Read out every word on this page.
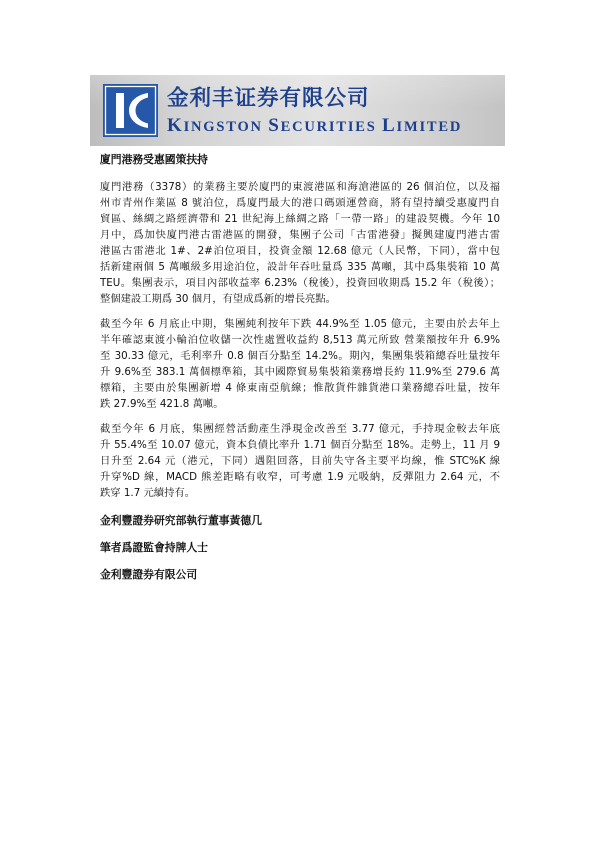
金利丰证券有限公司
KINGSTON SECURITIES LIMITED
廈門港務受惠國策扶持
廈門港務（3378）的業務主要於廈門的東渡港區和海滄港區的 26 個泊位，以及福
州市青州作業區 8 號泊位，爲廈門最大的港口碼頭運營商，將有望持續受惠廈門自
貿區、絲綢之路經濟帶和 21 世紀海上絲綢之路「一帶一路」的建設契機。今年 10
月中，爲加快廈門港古雷港區的開發，集團子公司「古雷港發」擬興建廈門港古雷
港區古雷港北 1#、2#泊位項目，投資金額 12.68 億元（人民幣，下同），當中包
括新建兩個 5 萬噸級多用途泊位，設計年吞吐量爲 335 萬噸，其中爲集裝箱 10 萬
TEU。集團表示，項目內部收益率 6.23%（稅後），投資回收期爲 15.2 年（稅後）；
整個建設工期爲 30 個月，有望成爲新的增長亮點。
截至今年 6 月底止中期，集團純利按年下跌 44.9%至 1.05 億元，主要由於去年上
半年確認東渡小輪泊位收儲一次性處置收益約 8,513 萬元所致 營業額按年升 6.9%
至 30.33 億元，毛利率升 0.8 個百分點至 14.2%。期內，集團集裝箱總吞吐量按年
升 9.6%至 383.1 萬個標準箱，其中國際貿易集裝箱業務增長約 11.9%至 279.6 萬
標箱，主要由於集團新增 4 條東南亞航線；惟散貨件雜貨港口業務總吞吐量，按年
跌 27.9%至 421.8 萬噸。
截至今年 6 月底，集團經營活動產生淨現金改善至 3.77 億元，手持現金較去年底
升 55.4%至 10.07 億元，資本負債比率升 1.71 個百分點至 18%。走勢上，11 月 9
日升至 2.64 元（港元，下同）遇阻回落，目前失守各主要平均線，惟 STC%K 線
升穿%D 線，MACD 熊差距略有收窄，可考慮 1.9 元吸納，反彈阻力 2.64 元，不
跌穿 1.7 元續持有。
金利豐證券研究部執行董事黃德几
筆者爲證監會持牌人士
金利豐證券有限公司
